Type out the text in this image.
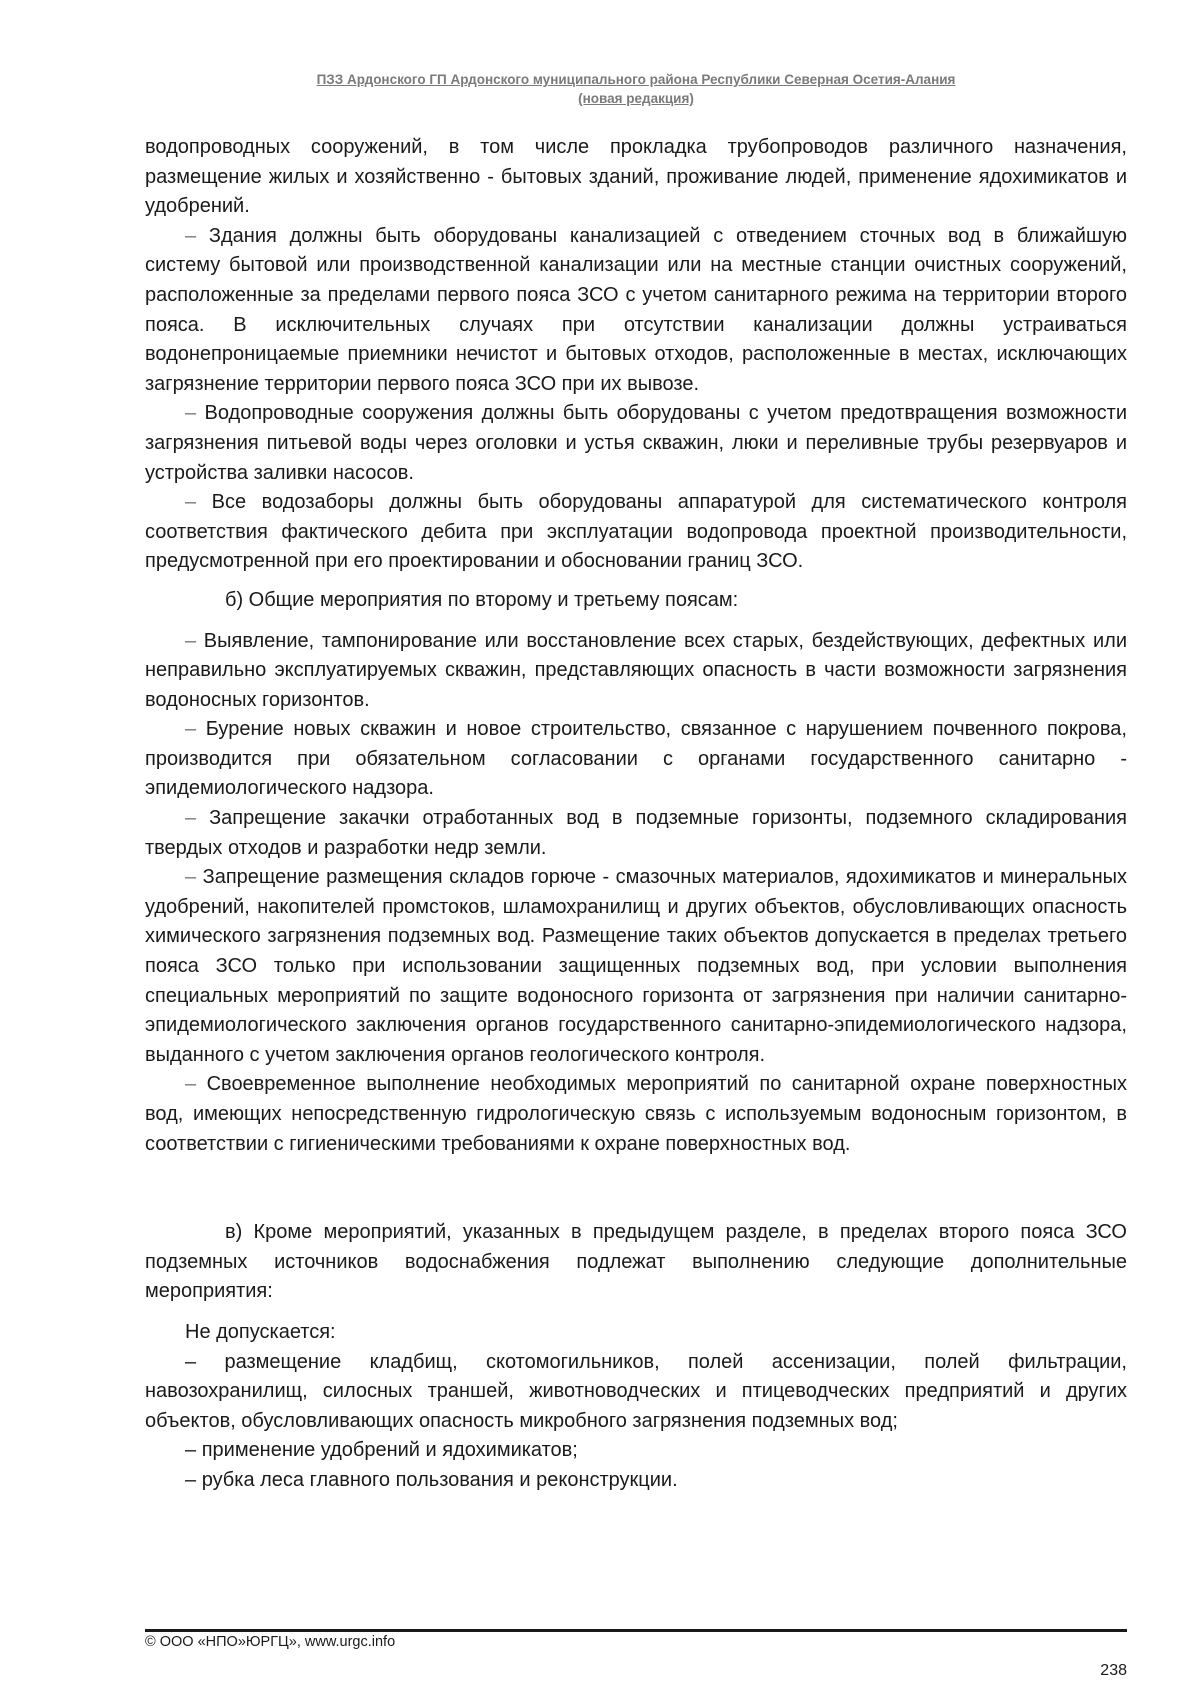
ПЗЗ Ардонского ГП Ардонского муниципального района Республики Северная Осетия-Алания
(новая редакция)

водопроводных сооружений, в том числе прокладка трубопроводов различного назначения, размещение жилых и хозяйственно - бытовых зданий, проживание людей, применение ядохимикатов и удобрений.

– Здания должны быть оборудованы канализацией с отведением сточных вод в ближайшую систему бытовой или производственной канализации или на местные станции очистных сооружений, расположенные за пределами первого пояса ЗСО с учетом санитарного режима на территории второго пояса. В исключительных случаях при отсутствии канализации должны устраиваться водонепроницаемые приемники нечистот и бытовых отходов, расположенные в местах, исключающих загрязнение территории первого пояса ЗСО при их вывозе.

– Водопроводные сооружения должны быть оборудованы с учетом предотвращения возможности загрязнения питьевой воды через оголовки и устья скважин, люки и переливные трубы резервуаров и устройства заливки насосов.

– Все водозаборы должны быть оборудованы аппаратурой для систематического контроля соответствия фактического дебита при эксплуатации водопровода проектной производительности, предусмотренной при его проектировании и обосновании границ ЗСО.

б) Общие мероприятия по второму и третьему поясам:

– Выявление, тампонирование или восстановление всех старых, бездействующих, дефектных или неправильно эксплуатируемых скважин, представляющих опасность в части возможности загрязнения водоносных горизонтов.

– Бурение новых скважин и новое строительство, связанное с нарушением почвенного покрова, производится при обязательном согласовании с органами государственного санитарно - эпидемиологического надзора.

– Запрещение закачки отработанных вод в подземные горизонты, подземного складирования твердых отходов и разработки недр земли.

– Запрещение размещения складов горюче - смазочных материалов, ядохимикатов и минеральных удобрений, накопителей промстоков, шламохранилищ и других объектов, обусловливающих опасность химического загрязнения подземных вод. Размещение таких объектов допускается в пределах третьего пояса ЗСО только при использовании защищенных подземных вод, при условии выполнения специальных мероприятий по защите водоносного горизонта от загрязнения при наличии санитарно-эпидемиологического заключения органов государственного санитарно-эпидемиологического надзора, выданного с учетом заключения органов геологического контроля.

– Своевременное выполнение необходимых мероприятий по санитарной охране поверхностных вод, имеющих непосредственную гидрологическую связь с используемым водоносным горизонтом, в соответствии с гигиеническими требованиями к охране поверхностных вод.

в) Кроме мероприятий, указанных в предыдущем разделе, в пределах второго пояса ЗСО подземных источников водоснабжения подлежат выполнению следующие дополнительные мероприятия:

Не допускается:

– размещение кладбищ, скотомогильников, полей ассенизации, полей фильтрации, навозохранилищ, силосных траншей, животноводческих и птицеводческих предприятий и других объектов, обусловливающих опасность микробного загрязнения подземных вод;

– применение удобрений и ядохимикатов;

– рубка леса главного пользования и реконструкции.

© ООО «НПО»ЮРГЦ», www.urgc.info
238
